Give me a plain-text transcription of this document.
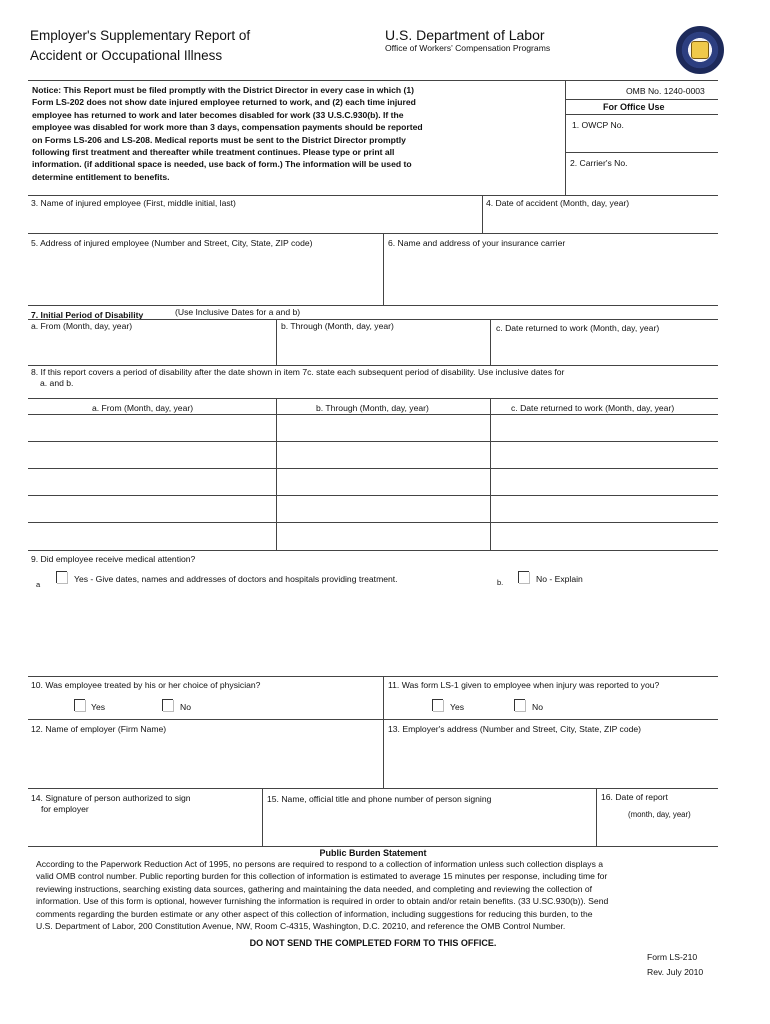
Employer's Supplementary Report of
Accident or Occupational Illness
U.S. Department of Labor
Office of Workers' Compensation Programs
Notice: This Report must be filed promptly with the District Director in every case in which (1)
Form LS-202 does not show date injured employee returned to work, and (2) each time injured
employee has returned to work and later becomes disabled for work (33 U.S.C.930(b). If the
employee was disabled for work more than 3 days, compensation payments should be reported
on Forms LS-206 and LS-208. Medical reports must be sent to the District Director promptly
following first treatment and thereafter while treatment continues. Please type or print all
information. (if additional space is needed, use back of form.) The information will be used to
determine entitlement to benefits.
OMB No. 1240-0003
For Office Use
1. OWCP No.
2. Carrier's No.
3. Name of injured employee (First, middle initial, last)	4. Date of accident (Month, day, year)
5. Address of injured employee (Number and Street, City, State, ZIP code)	6. Name and address of your insurance carrier
(Use Inclusive Dates for a and b)
7. Initial Period of Disability
a. From (Month, day, year)	b. Through (Month, day, year)	c. Date returned to work (Month, day, year)
8. If this report covers a period of disability after the date shown in item 7c. state each subsequent period of disability. Use inclusive dates for
a. and b.
a. From (Month, day, year)	b. Through (Month, day, year)	c. Date returned to work (Month, day, year)
9. Did employee receive medical attention?
a
Yes - Give dates, names and addresses of doctors and hospitals providing treatment.	b.	No - Explain
10. Was employee treated by his or her choice of physician?	11. Was form LS-1 given to employee when injury was reported to you?
Yes	No	Yes	No
12. Name of employer (Firm Name)	13. Employer's address (Number and Street, City, State, ZIP code)
14. Signature of person authorized to sign
for employer
15. Name, official title and phone number of person signing	16. Date of report
(month, day, year)
Public Burden Statement
According to the Paperwork Reduction Act of 1995, no persons are required to respond to a collection of information unless such collection displays a
valid OMB control number. Public reporting burden for this collection of information is estimated to average 15 minutes per response, including time for
reviewing instructions, searching existing data sources, gathering and maintaining the data needed, and completing and reviewing the collection of
information. Use of this form is optional, however furnishing the information is required in order to obtain and/or retain benefits. (33 U.SC.930(b)). Send
comments regarding the burden estimate or any other aspect of this collection of information, including suggestions for reducing this burden, to the
U.S. Department of Labor, 200 Constitution Avenue, NW, Room C-4315, Washington, D.C. 20210, and reference the OMB Control Number.
DO NOT SEND THE COMPLETED FORM TO THIS OFFICE.
Form LS-210
Rev. July 2010
